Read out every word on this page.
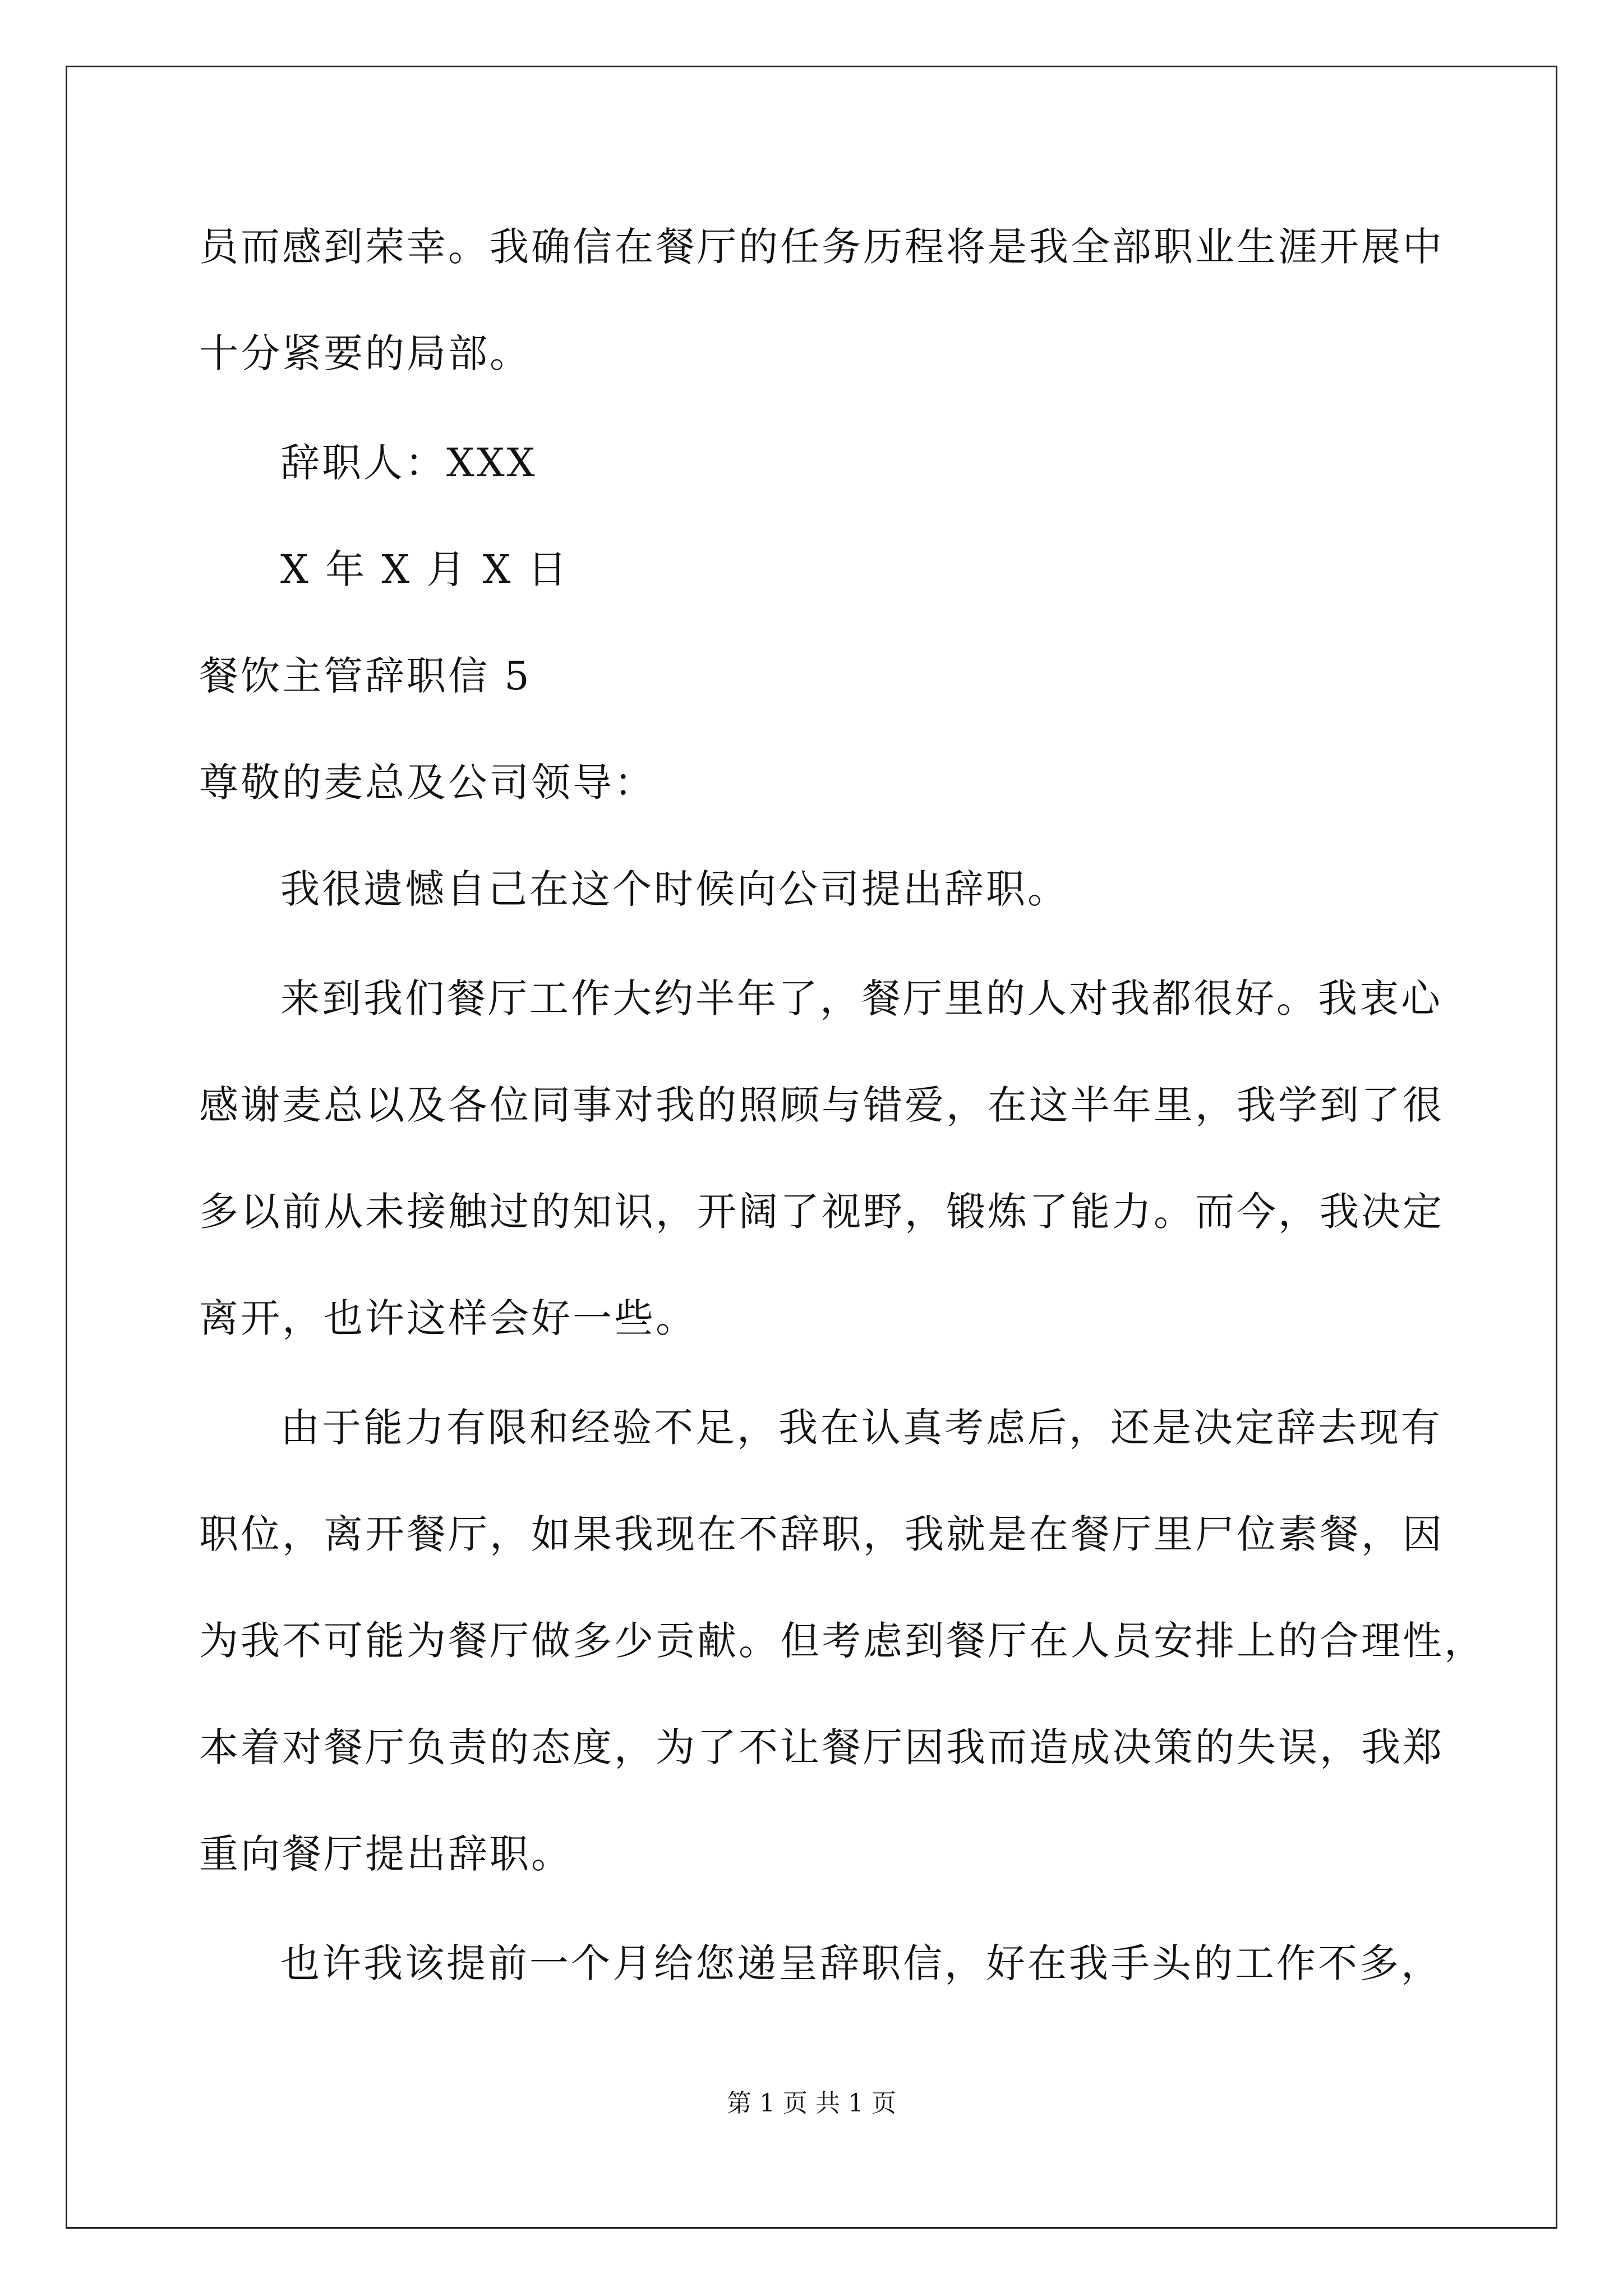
员而感到荣幸。我确信在餐厅的任务历程将是我全部职业生涯开展中
十分紧要的局部。
辞职人：XXX
X 年 X 月 X 日
餐饮主管辞职信 5
尊敬的麦总及公司领导：
我很遗憾自己在这个时候向公司提出辞职。
来到我们餐厅工作大约半年了，餐厅里的人对我都很好。我衷心
感谢麦总以及各位同事对我的照顾与错爱，在这半年里，我学到了很
多以前从未接触过的知识，开阔了视野，锻炼了能力。而今，我决定
离开，也许这样会好一些。
由于能力有限和经验不足，我在认真考虑后，还是决定辞去现有
职位，离开餐厅，如果我现在不辞职，我就是在餐厅里尸位素餐，因
为我不可能为餐厅做多少贡献。但考虑到餐厅在人员安排上的合理性，
本着对餐厅负责的态度，为了不让餐厅因我而造成决策的失误，我郑
重向餐厅提出辞职。
也许我该提前一个月给您递呈辞职信，好在我手头的工作不多，
第 1 页 共 1 页
